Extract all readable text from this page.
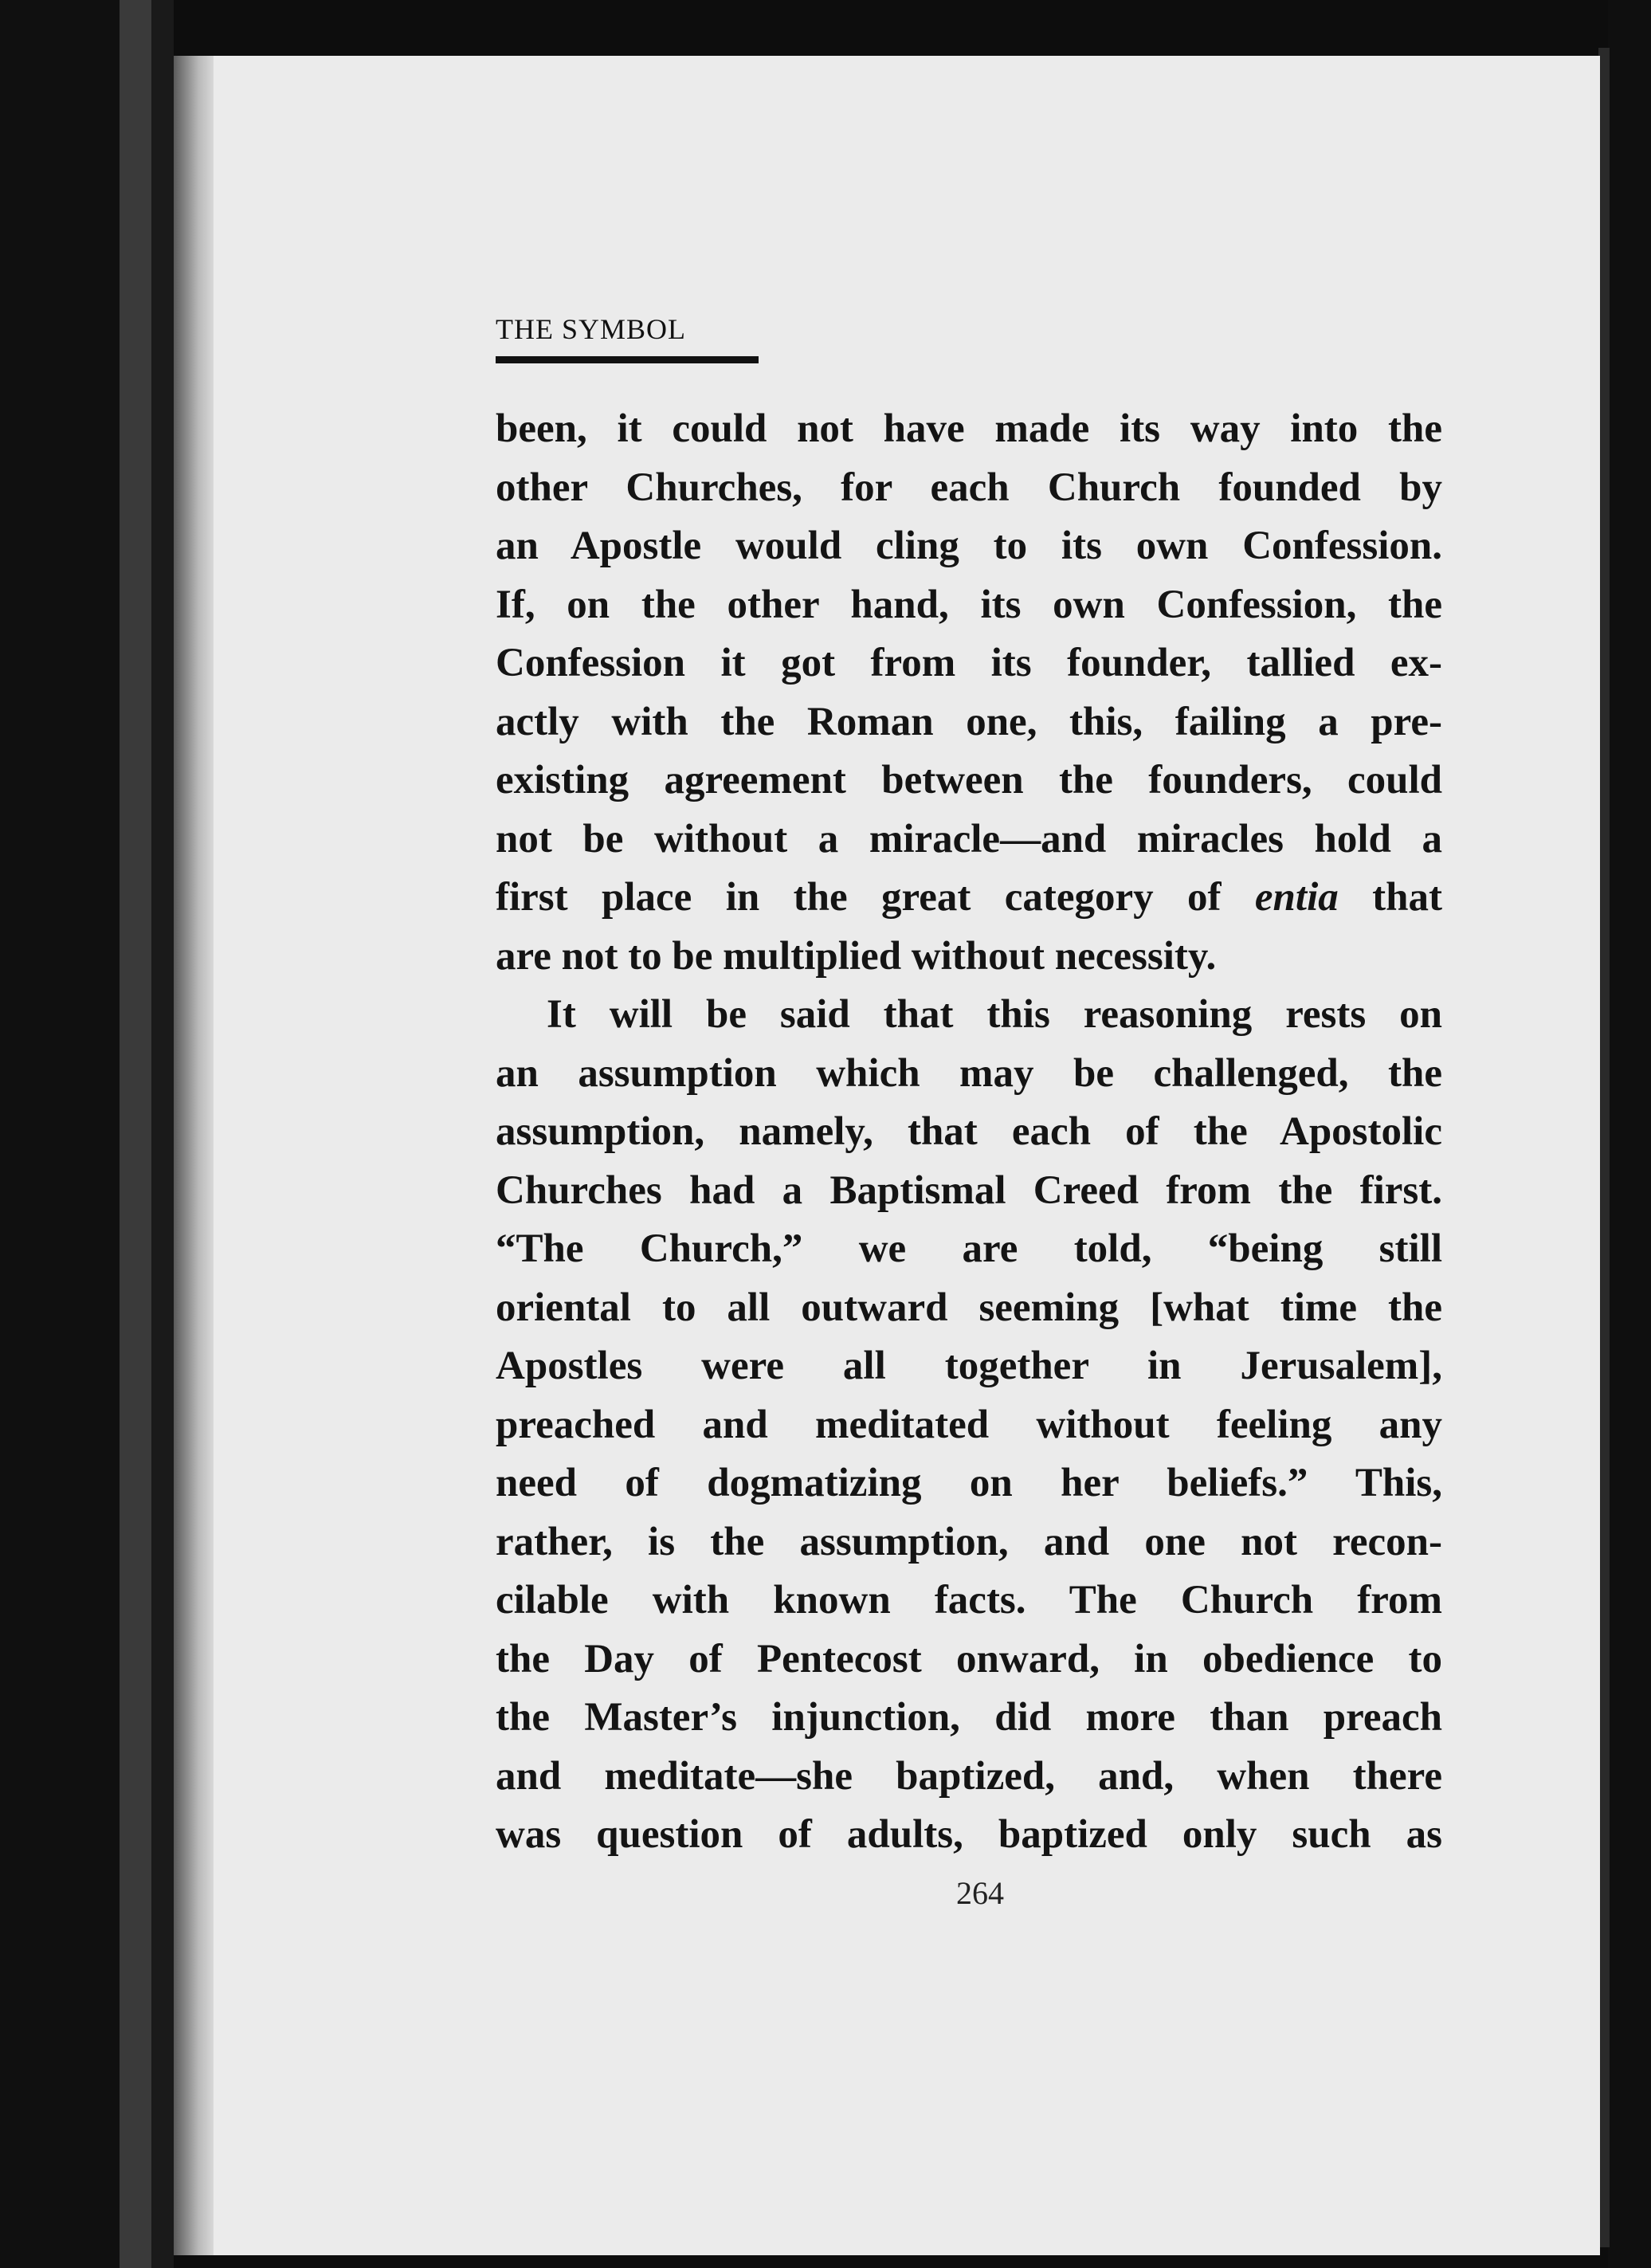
THE SYMBOL
been, it could not have made its way into the
other Churches, for each Church founded by
an Apostle would cling to its own Confession.
If, on the other hand, its own Confession, the
Confession it got from its founder, tallied ex-
actly with the Roman one, this, failing a pre-
existing agreement between the founders, could
not be without a miracle—and miracles hold a
first place in the great category of entia that
are not to be multiplied without necessity.
It will be said that this reasoning rests on
an assumption which may be challenged, the
assumption, namely, that each of the Apostolic
Churches had a Baptismal Creed from the first.
“The Church,” we are told, “being still
oriental to all outward seeming [what time the
Apostles were all together in Jerusalem],
preached and meditated without feeling any
need of dogmatizing on her beliefs.” This,
rather, is the assumption, and one not recon-
cilable with known facts. The Church from
the Day of Pentecost onward, in obedience to
the Master’s injunction, did more than preach
and meditate—she baptized, and, when there
was question of adults, baptized only such as
264
